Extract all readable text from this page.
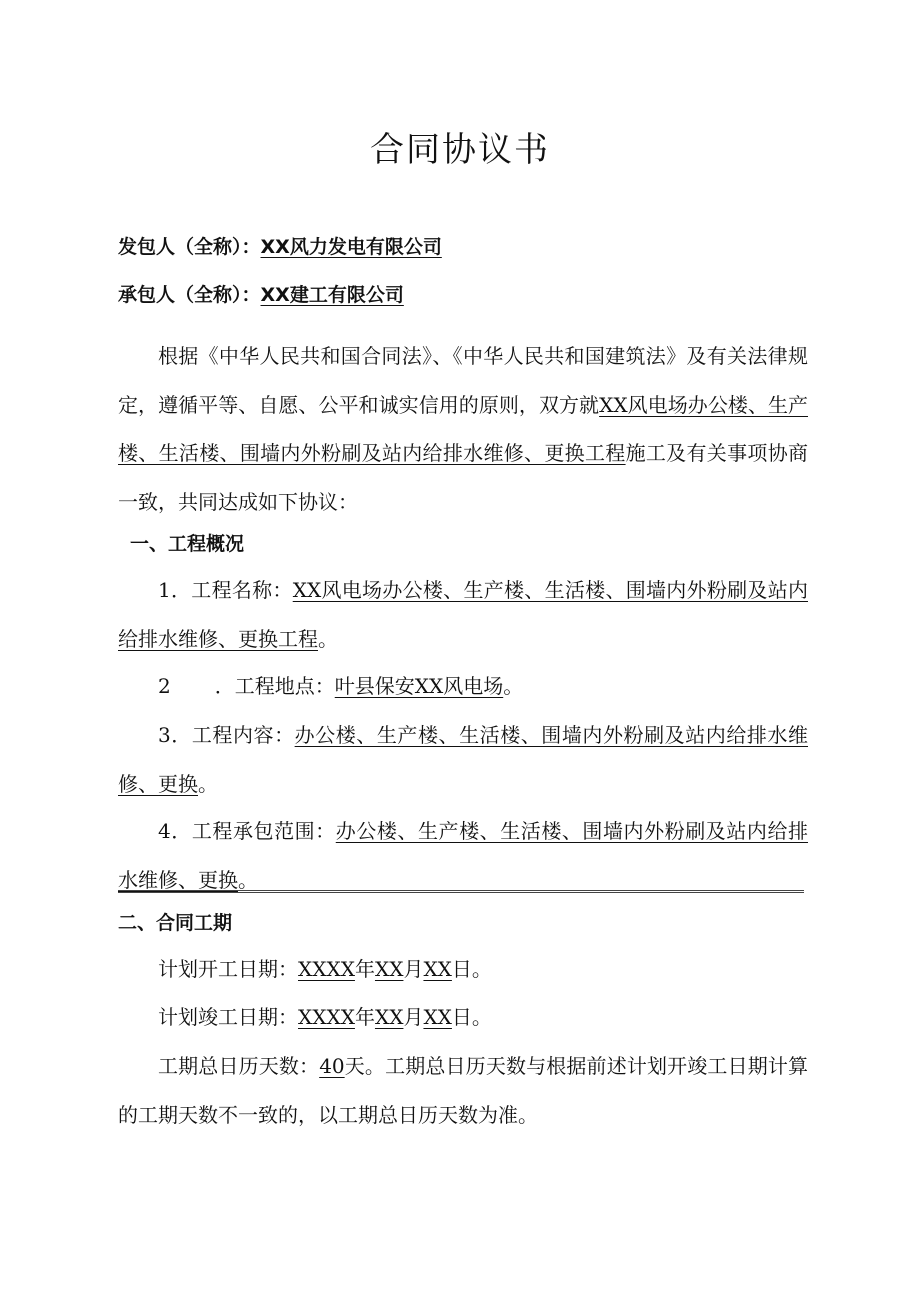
合同协议书
发包人（全称）：XX风力发电有限公司
承包人（全称）：XX建工有限公司
根据《中华人民共和国合同法》、《中华人民共和国建筑法》及有关法律规定，遵循平等、自愿、公平和诚实信用的原则，双方就XX风电场办公楼、生产楼、生活楼、围墙内外粉刷及站内给排水维修、更换工程施工及有关事项协商一致，共同达成如下协议：
一、工程概况
1．工程名称：XX风电场办公楼、生产楼、生活楼、围墙内外粉刷及站内给排水维修、更换工程。
2 ．工程地点：叶县保安XX风电场。
3．工程内容：办公楼、生产楼、生活楼、围墙内外粉刷及站内给排水维修、更换。
4．工程承包范围：办公楼、生产楼、生活楼、围墙内外粉刷及站内给排水维修、更换。
二、合同工期
计划开工日期：XXXX年XX月XX日。
计划竣工日期：XXXX年XX月XX日。
工期总日历天数：40天。工期总日历天数与根据前述计划开竣工日期计算的工期天数不一致的，以工期总日历天数为准。
